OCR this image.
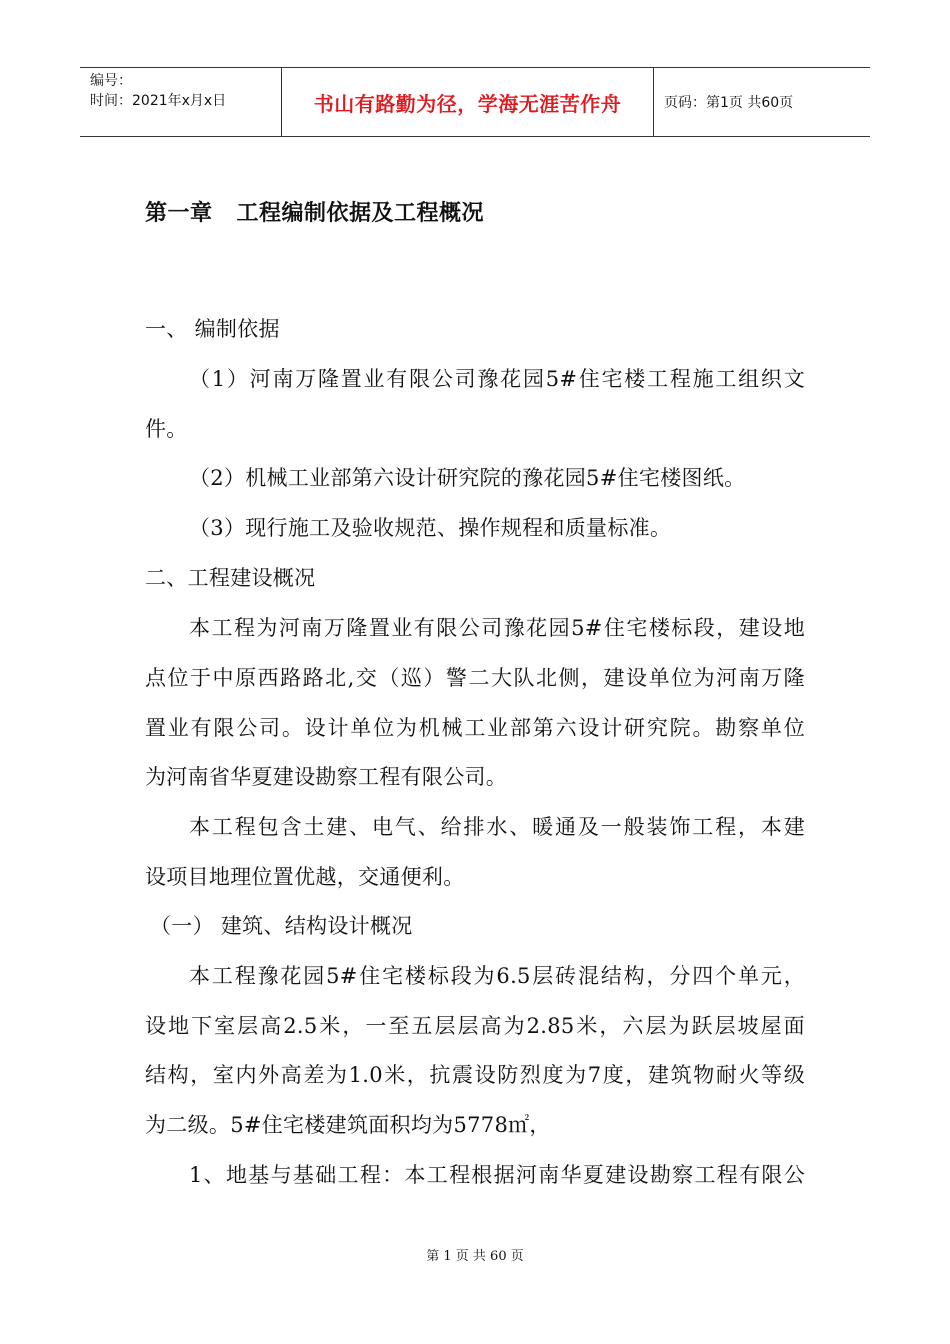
编号：
时间：2021年x月x日	书山有路勤为径，学海无涯苦作舟	页码：第1页 共60页
第一章 工程编制依据及工程概况
一、 编制依据
（1）河南万隆置业有限公司豫花园5#住宅楼工程施工组织文
件。
（2）机械工业部第六设计研究院的豫花园5#住宅楼图纸。
（3）现行施工及验收规范、操作规程和质量标准。
二、工程建设概况
本工程为河南万隆置业有限公司豫花园5#住宅楼标段，建设地
点位于中原西路路北,交（巡）警二大队北侧，建设单位为河南万隆
置业有限公司。设计单位为机械工业部第六设计研究院。勘察单位
为河南省华夏建设勘察工程有限公司。
本工程包含土建、电气、给排水、暖通及一般装饰工程，本建
设项目地理位置优越，交通便利。
（一） 建筑、结构设计概况
本工程豫花园5#住宅楼标段为6.5层砖混结构，分四个单元，
设地下室层高2.5米，一至五层层高为2.85米，六层为跃层坡屋面
结构，室内外高差为1.0米，抗震设防烈度为7度，建筑物耐火等级
为二级。5#住宅楼建筑面积均为5778㎡，
1、地基与基础工程：本工程根据河南华夏建设勘察工程有限公
第 1 页 共 60 页
